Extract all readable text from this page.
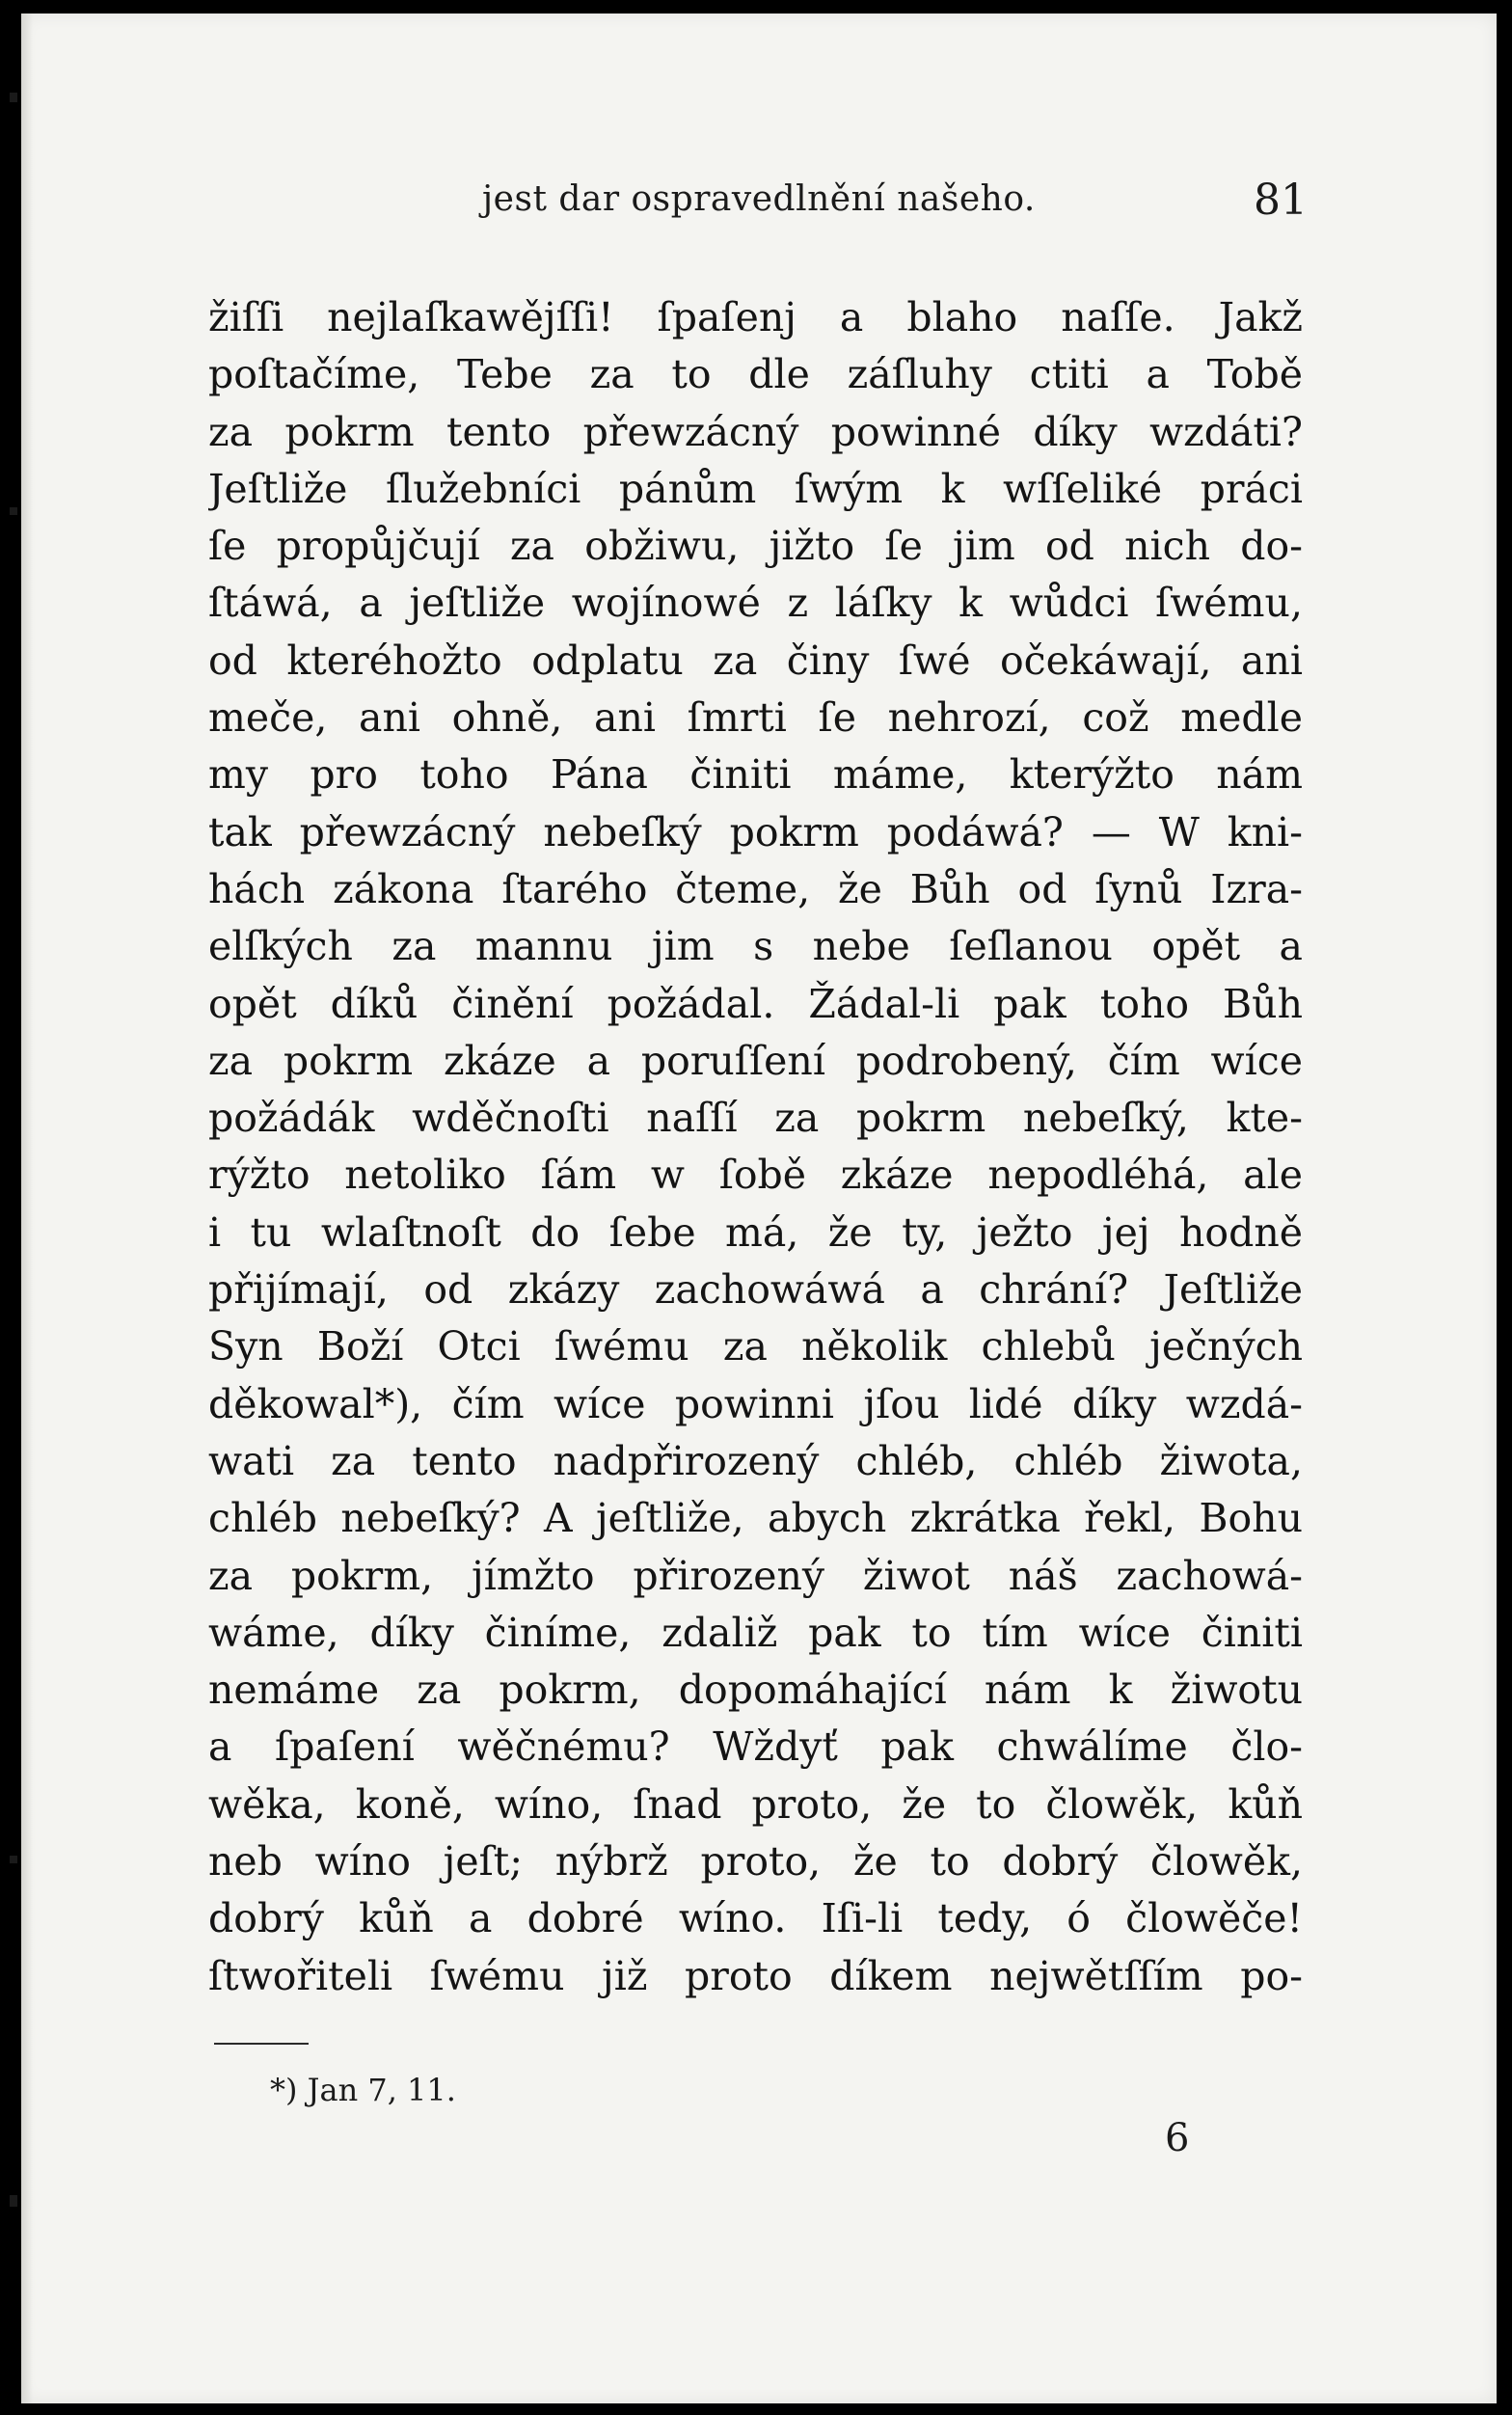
jest dar ospravedlnění našeho.	81
žiſſi nejlaſkawějſſi! ſpaſenj a blaho naſſe. Jakž
poſtačíme, Tebe za to dle záſluhy ctiti a Tobě
za pokrm tento přewzácný powinné díky wzdáti?
Jeſtliže ſlužebníci pánům ſwým k wſſeliké práci
ſe propůjčují za obžiwu, jižto ſe jim od nich do-
ſtáwá, a jeſtliže wojínowé z láſky k wůdci ſwému,
od kteréhožto odplatu za činy ſwé očekáwají, ani
meče, ani ohně, ani ſmrti ſe nehrozí, což medle
my pro toho Pána činiti máme, kterýžto nám
tak přewzácný nebeſký pokrm podáwá? — W kni-
hách zákona ſtarého čteme, že Bůh od ſynů Izra-
elſkých za mannu jim s nebe ſeſlanou opět a
opět díků činění požádal. Žádal-li pak toho Bůh
za pokrm zkáze a poruſſení podrobený, čím wíce
požádák wděčnoſti naſſí za pokrm nebeſký, kte-
rýžto netoliko ſám w ſobě zkáze nepodléhá, ale
i tu wlaſtnoſt do ſebe má, že ty, ježto jej hodně
přijímají, od zkázy zachowáwá a chrání? Jeſtliže
Syn Boží Otci ſwému za několik chlebů ječných
děkowal*), čím wíce powinni jſou lidé díky wzdá-
wati za tento nadpřirozený chléb, chléb žiwota,
chléb nebeſký? A jeſtliže, abych zkrátka řekl, Bohu
za pokrm, jímžto přirozený žiwot náš zachowá-
wáme, díky činíme, zdaliž pak to tím wíce činiti
nemáme za pokrm, dopomáhající nám k žiwotu
a ſpaſení wěčnému? Wždyť pak chwálíme člo-
wěka, koně, wíno, ſnad proto, že to člowěk, kůň
neb wíno jeſt; nýbrž proto, že to dobrý člowěk,
dobrý kůň a dobré wíno. Iſi-li tedy, ó člowěče!
ſtwořiteli ſwému již proto díkem nejwětſſím po-
*) Jan 7, 11.
6
